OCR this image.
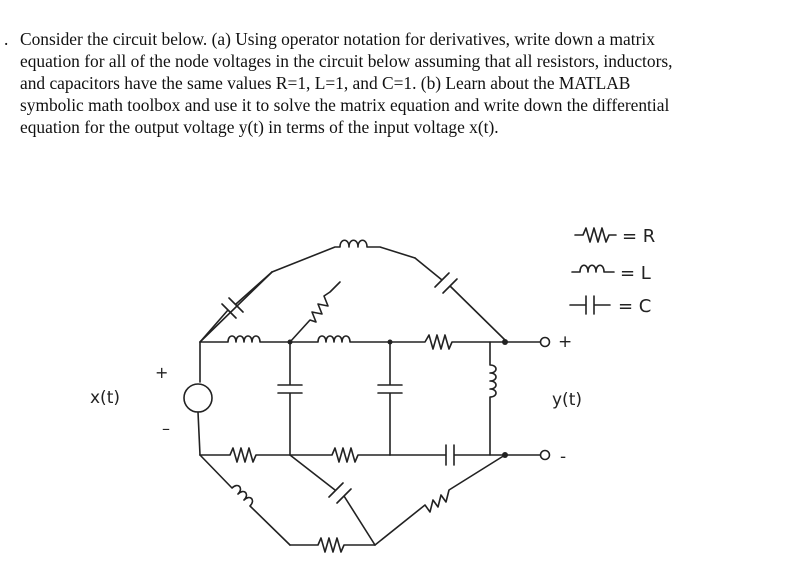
. Consider the circuit below. (a) Using operator notation for derivatives, write down a matrix
equation for all of the node voltages in the circuit below assuming that all resistors, inductors,
and capacitors have the same values R=1, L=1, and C=1. (b) Learn about the MATLAB
symbolic math toolbox and use it to solve the matrix equation and write down the differential
equation for the output voltage y(t) in terms of the input voltage x(t).
= R
= L
= C
x(t)
+
–
+
y(t)
-
